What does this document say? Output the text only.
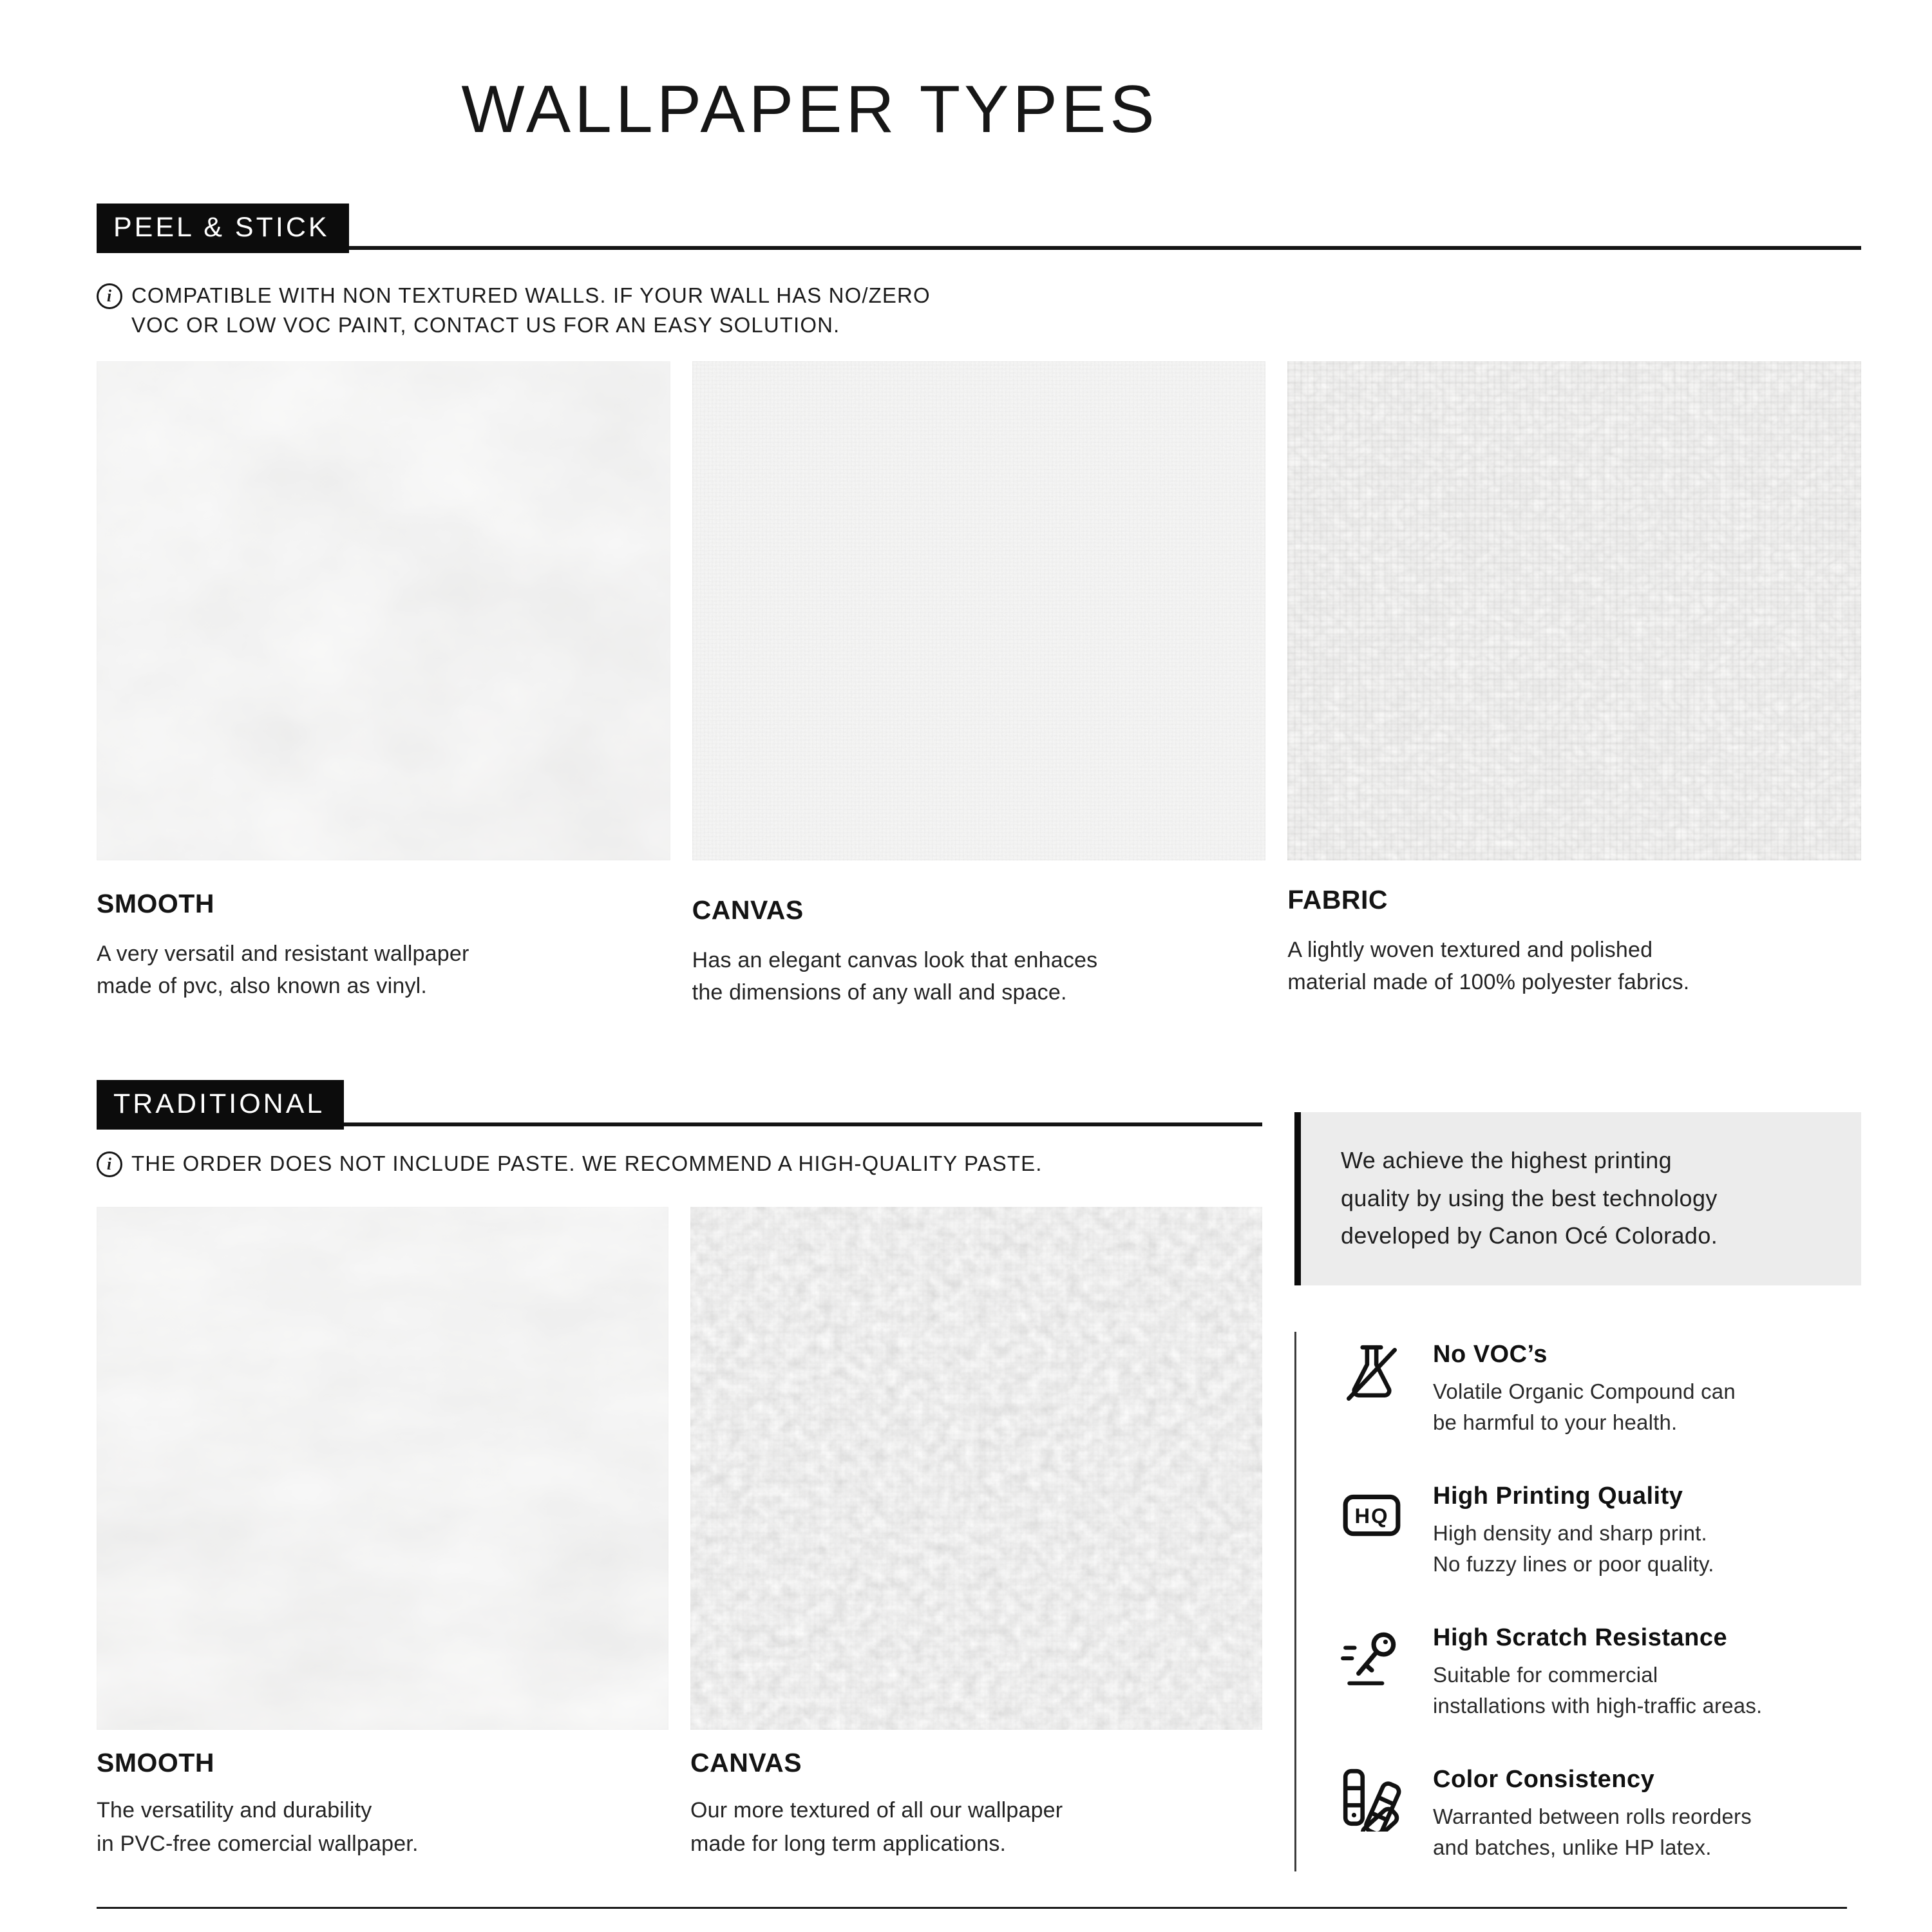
WALLPAPER TYPES
PEEL & STICK
i COMPATIBLE WITH NON TEXTURED WALLS. IF YOUR WALL HAS NO/ZERO
VOC OR LOW VOC PAINT, CONTACT US FOR AN EASY SOLUTION.
SMOOTH

A very versatil and resistant wallpaper
made of pvc, also known as vinyl.

CANVAS

Has an elegant canvas look that enhaces
the dimensions of any wall and space.

FABRIC

A lightly woven textured and polished
material made of 100% polyester fabrics.

TRADITIONAL
i THE ORDER DOES NOT INCLUDE PASTE. WE RECOMMEND A HIGH-QUALITY PASTE.
SMOOTH

The versatility and durability
in PVC-free comercial wallpaper.

CANVAS

Our more textured of all our wallpaper
made for long term applications.

We achieve the highest printing
quality by using the best technology
developed by Canon Océ Colorado.
No VOC’s
Volatile Organic Compound can
be harmful to your health.
HQ
High Printing Quality
High density and sharp print.
No fuzzy lines or poor quality.
High Scratch Resistance
Suitable for commercial
installations with high-traffic areas.
Color Consistency
Warranted between rolls reorders
and batches, unlike HP latex.
